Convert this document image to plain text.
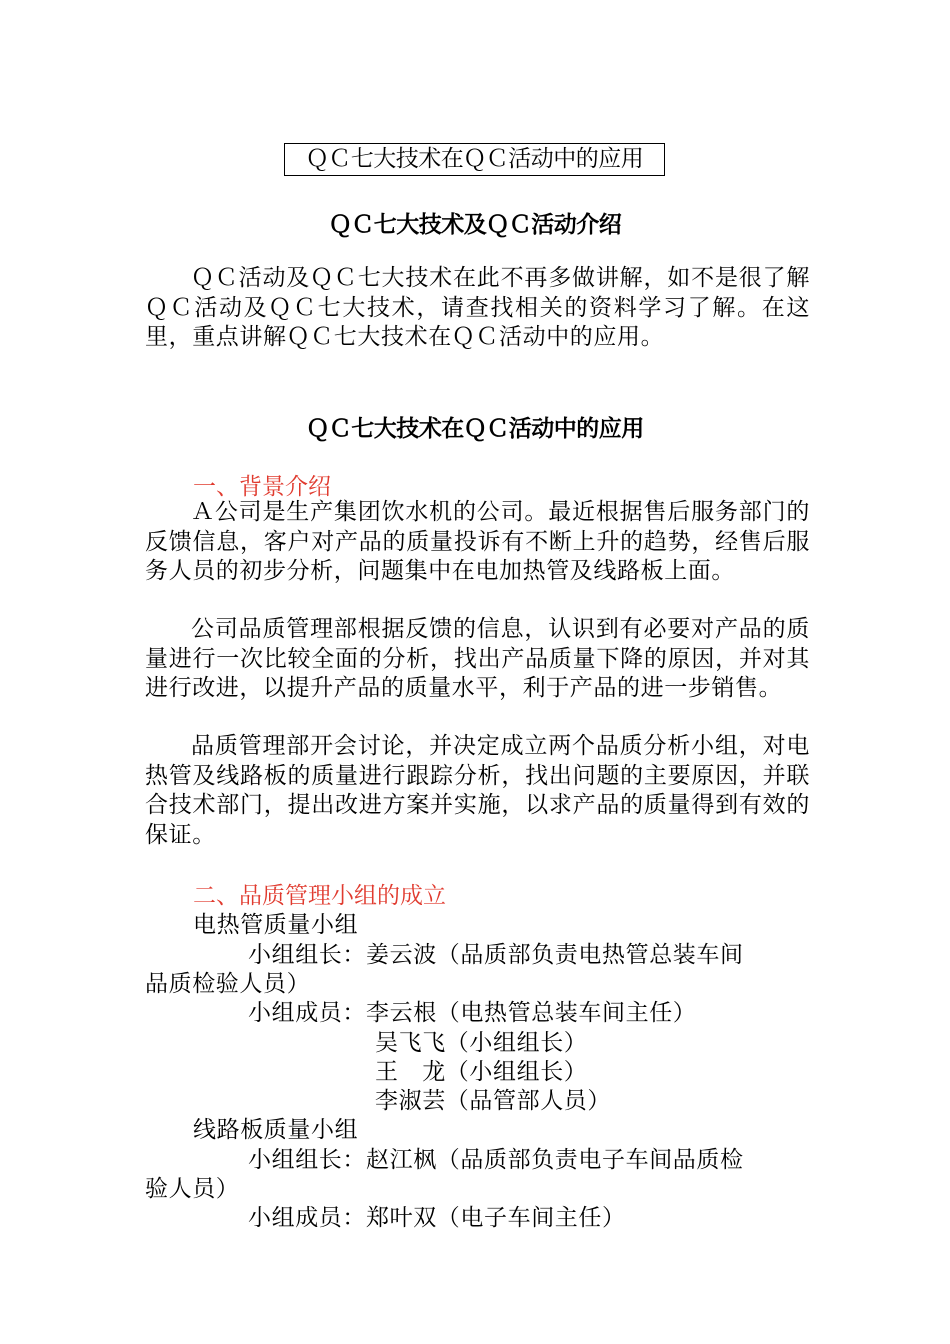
ＱＣ七大技术在ＱＣ活动中的应用
ＱＣ七大技术及ＱＣ活动介绍

ＱＣ活动及ＱＣ七大技术在此不再多做讲解，如不是很了解ＱＣ活动及ＱＣ七大技术，请查找相关的资料学习了解。在这里，重点讲解ＱＣ七大技术在ＱＣ活动中的应用。

ＱＣ七大技术在ＱＣ活动中的应用
一、背景介绍

Ａ公司是生产集团饮水机的公司。最近根据售后服务部门的反馈信息，客户对产品的质量投诉有不断上升的趋势，经售后服务人员的初步分析，问题集中在电加热管及线路板上面。

公司品质管理部根据反馈的信息，认识到有必要对产品的质量进行一次比较全面的分析，找出产品质量下降的原因，并对其进行改进，以提升产品的质量水平，利于产品的进一步销售。

品质管理部开会讨论，并决定成立两个品质分析小组，对电热管及线路板的质量进行跟踪分析，找出问题的主要原因，并联合技术部门，提出改进方案并实施，以求产品的质量得到有效的保证。

二、品质管理小组的成立
电热管质量小组
小组组长：姜云波（品质部负责电热管总装车间
品质检验人员）
小组成员：李云根（电热管总装车间主任）
吴飞飞（小组组长）
王　龙（小组组长）
李淑芸（品管部人员）
线路板质量小组
小组组长：赵江枫（品质部负责电子车间品质检
验人员）
小组成员：郑叶双（电子车间主任）
